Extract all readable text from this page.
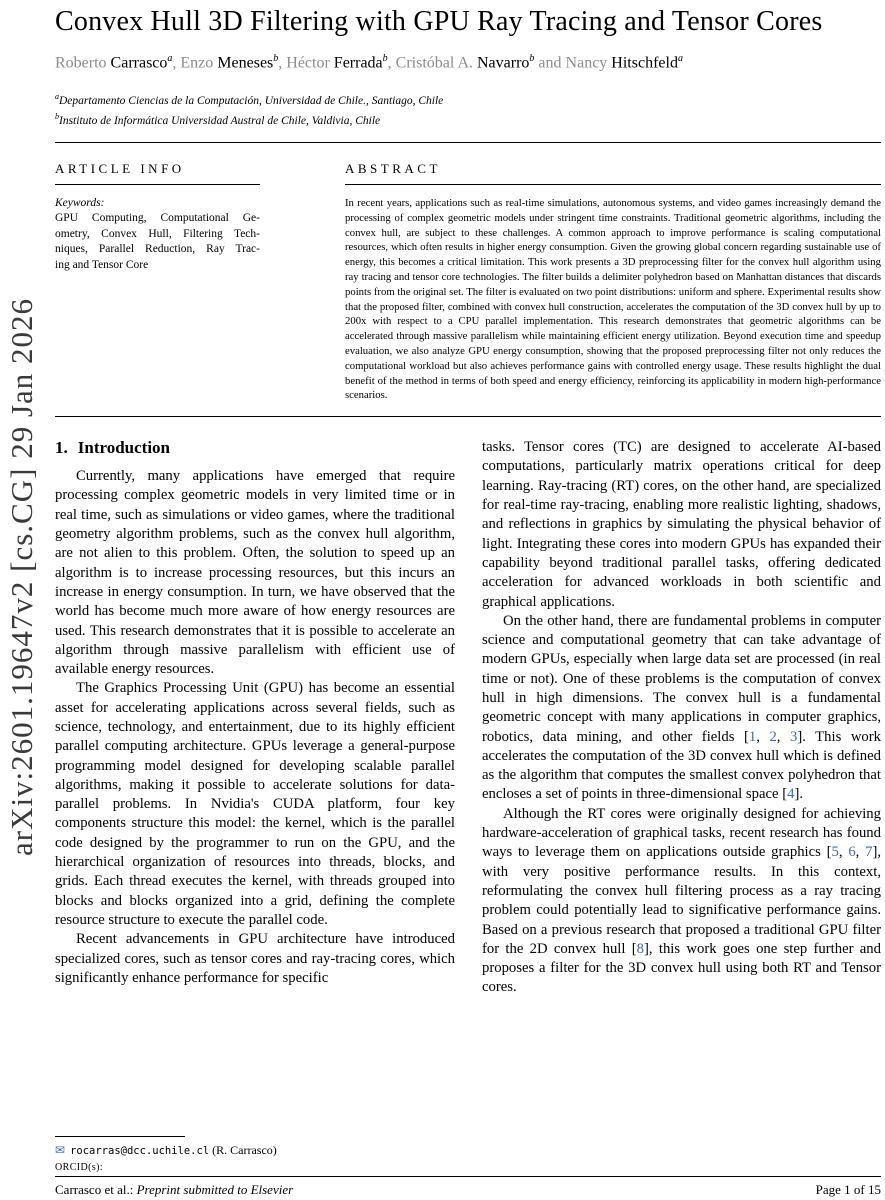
arXiv:2601.19647v2 [cs.CG] 29 Jan 2026
Convex Hull 3D Filtering with GPU Ray Tracing and Tensor Cores
Roberto Carrasco$^a$, Enzo Meneses$^b$, Héctor Ferrada$^b$, Cristóbal A. Navarro$^b$ and Nancy Hitschfeld$^a$
$^a$Departamento Ciencias de la Computación, Universidad de Chile., Santiago, Chile
$^b$Instituto de Informática Universidad Austral de Chile, Valdivia, Chile
ARTICLE INFO
Keywords:
GPU Computing, Computational Ge-
ometry, Convex Hull, Filtering Tech-
niques, Parallel Reduction, Ray Trac-
ing and Tensor Core
ABSTRACT
In recent years, applications such as real-time simulations, autonomous systems, and video games increasingly demand the processing of complex geometric models under stringent time constraints. Traditional geometric algorithms, including the convex hull, are subject to these challenges. A common approach to improve performance is scaling computational resources, which often results in higher energy consumption. Given the growing global concern regarding sustainable use of energy, this becomes a critical limitation. This work presents a 3D preprocessing filter for the convex hull algorithm using ray tracing and tensor core technologies. The filter builds a delimiter polyhedron based on Manhattan distances that discards points from the original set. The filter is evaluated on two point distributions: uniform and sphere. Experimental results show that the proposed filter, combined with convex hull construction, accelerates the computation of the 3D convex hull by up to 200x with respect to a CPU parallel implementation. This research demonstrates that geometric algorithms can be accelerated through massive parallelism while maintaining efficient energy utilization. Beyond execution time and speedup evaluation, we also analyze GPU energy consumption, showing that the proposed preprocessing filter not only reduces the computational workload but also achieves performance gains with controlled energy usage. These results highlight the dual benefit of the method in terms of both speed and energy efficiency, reinforcing its applicability in modern high-performance scenarios.
1. Introduction

Currently, many applications have emerged that require processing complex geometric models in very limited time or in real time, such as simulations or video games, where the traditional geometry algorithm problems, such as the convex hull algorithm, are not alien to this problem. Often, the solution to speed up an algorithm is to increase processing resources, but this incurs an increase in energy consumption. In turn, we have observed that the world has become much more aware of how energy resources are used. This research demonstrates that it is possible to accelerate an algorithm through massive parallelism with efficient use of available energy resources.

The Graphics Processing Unit (GPU) has become an essential asset for accelerating applications across several fields, such as science, technology, and entertainment, due to its highly efficient parallel computing architecture. GPUs leverage a general-purpose programming model designed for developing scalable parallel algorithms, making it possible to accelerate solutions for data-parallel problems. In Nvidia's CUDA platform, four key components structure this model: the kernel, which is the parallel code designed by the programmer to run on the GPU, and the hierarchical organization of resources into threads, blocks, and grids. Each thread executes the kernel, with threads grouped into blocks and blocks organized into a grid, defining the complete resource structure to execute the parallel code.

Recent advancements in GPU architecture have introduced specialized cores, such as tensor cores and ray-tracing cores, which significantly enhance performance for specific

tasks. Tensor cores (TC) are designed to accelerate AI-based computations, particularly matrix operations critical for deep learning. Ray-tracing (RT) cores, on the other hand, are specialized for real-time ray-tracing, enabling more realistic lighting, shadows, and reflections in graphics by simulating the physical behavior of light. Integrating these cores into modern GPUs has expanded their capability beyond traditional parallel tasks, offering dedicated acceleration for advanced workloads in both scientific and graphical applications.

On the other hand, there are fundamental problems in computer science and computational geometry that can take advantage of modern GPUs, especially when large data set are processed (in real time or not). One of these problems is the computation of convex hull in high dimensions. The convex hull is a fundamental geometric concept with many applications in computer graphics, robotics, data mining, and other fields [1, 2, 3]. This work accelerates the computation of the 3D convex hull which is defined as the algorithm that computes the smallest convex polyhedron that encloses a set of points in three-dimensional space [4].

Although the RT cores were originally designed for achieving hardware-acceleration of graphical tasks, recent research has found ways to leverage them on applications outside graphics [5, 6, 7], with very positive performance results. In this context, reformulating the convex hull filtering process as a ray tracing problem could potentially lead to significative performance gains. Based on a previous research that proposed a traditional GPU filter for the 2D convex hull [8], this work goes one step further and proposes a filter for the 3D convex hull using both RT and Tensor cores.

✉ rocarras@dcc.uchile.cl (R. Carrasco)
ORCID(s):
Carrasco et al.: Preprint submitted to Elsevier	Page 1 of 15
